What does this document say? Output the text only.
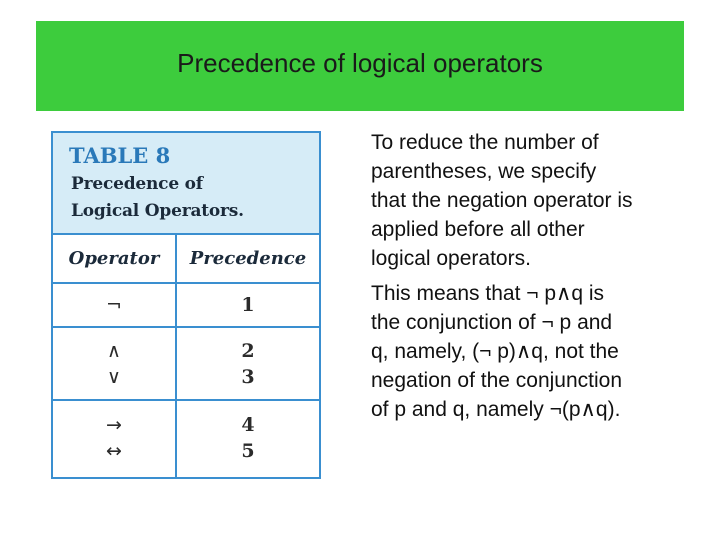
Precedence of logical operators
TABLE 8
Precedence of
Logical Operators.
Operator	Precedence
¬	1
∧	2
∨	3
→	4
↔	5
To reduce the number of
parentheses, we specify
that the negation operator is
applied before all other
logical operators.
This means that ¬ p∧q is
the conjunction of ¬ p and
q, namely, (¬ p)∧q, not the
negation of the conjunction
of p and q, namely ¬(p∧q).
